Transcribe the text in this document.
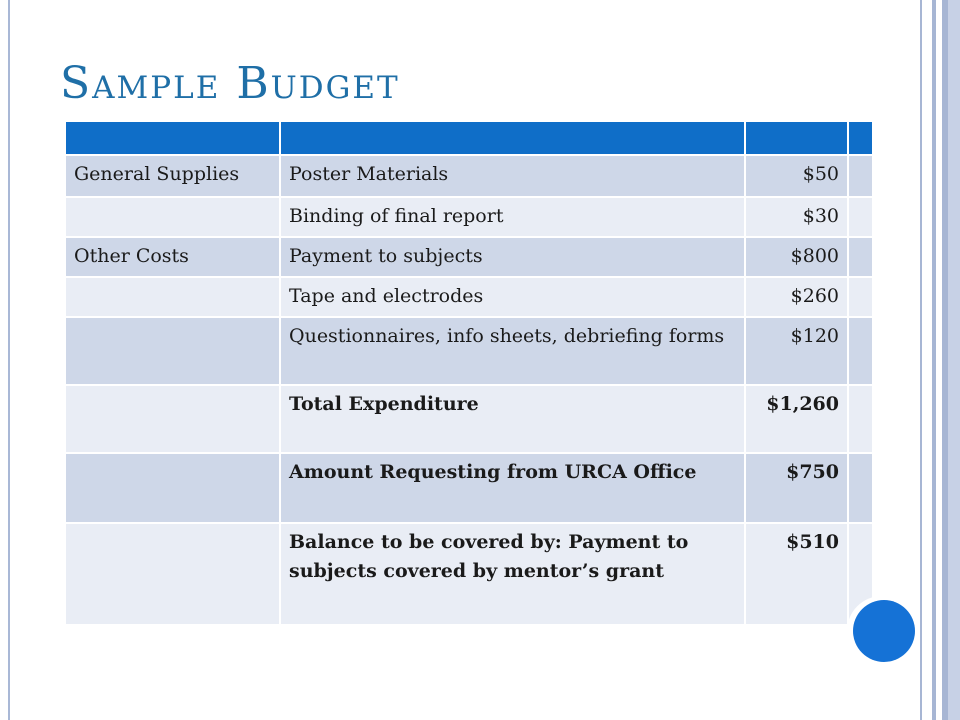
Sample Budget

General Supplies	Poster Materials	$50	
	Binding of final report	$30	
Other Costs	Payment to subjects	$800	
	Tape and electrodes	$260	
	Questionnaires, info sheets, debriefing forms	$120	
	Total Expenditure	$1,260	
	Amount Requesting from URCA Office	$750	
	Balance to be covered by: Payment to subjects covered by mentor’s grant	$510	
